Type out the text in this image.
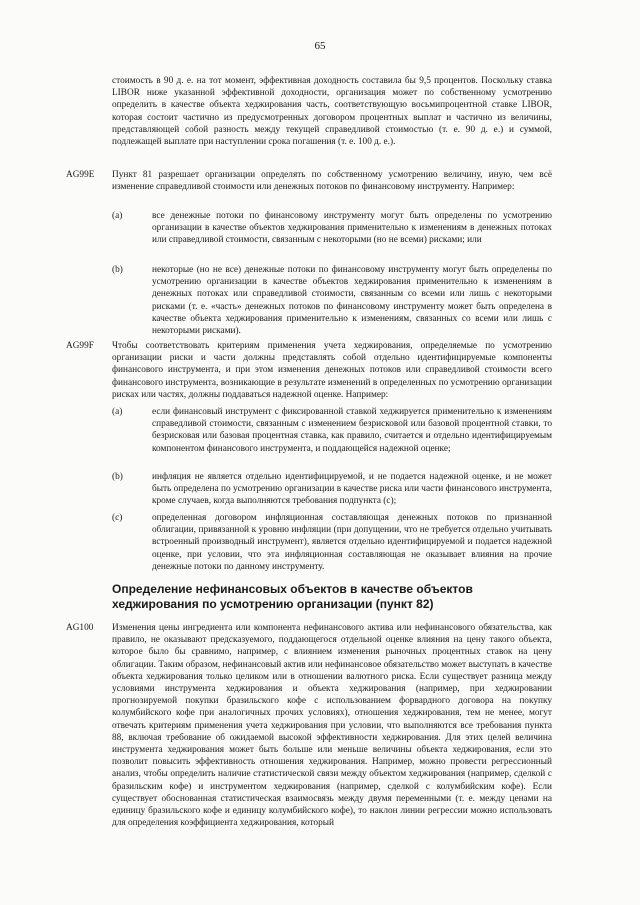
65
стоимость в 90 д. е. на тот момент, эффективная доходность составила бы 9,5 процентов. Поскольку ставка LIBOR ниже указанной эффективной доходности, организация может по собственному усмотрению определить в качестве объекта хеджирования часть, соответствующую восьмипроцентной ставке LIBOR, которая состоит частично из предусмотренных договором процентных выплат и частично из величины, представляющей собой разность между текущей справедливой стоимостью (т. е. 90 д. е.) и суммой, подлежащей выплате при наступлении срока погашения (т. е. 100 д. е.).
AG99E Пункт 81 разрешает организации определять по собственному усмотрению величину, иную, чем всё изменение справедливой стоимости или денежных потоков по финансовому инструменту. Например:
(a)	все денежные потоки по финансовому инструменту могут быть определены по усмотрению организации в качестве объектов хеджирования применительно к изменениям в денежных потоках или справедливой стоимости, связанным с некоторыми (но не всеми) рисками; или
(b)	некоторые (но не все) денежные потоки по финансовому инструменту могут быть определены по усмотрению организации в качестве объектов хеджирования применительно к изменениям в денежных потоках или справедливой стоимости, связанным со всеми или лишь с некоторыми рисками (т. е. «часть» денежных потоков по финансовому инструменту может быть определена в качестве объекта хеджирования применительно к изменениям, связанных со всеми или лишь с некоторыми рисками).
AG99F Чтобы соответствовать критериям применения учета хеджирования, определяемые по усмотрению организации риски и части должны представлять собой отдельно идентифицируемые компоненты финансового инструмента, и при этом изменения денежных потоков или справедливой стоимости всего финансового инструмента, возникающие в результате изменений в определенных по усмотрению организации рисках или частях, должны поддаваться надежной оценке. Например:
(a)	если финансовый инструмент с фиксированной ставкой хеджируется применительно к изменениям справедливой стоимости, связанным с изменением безрисковой или базовой процентной ставки, то безрисковая или базовая процентная ставка, как правило, считается и отдельно идентифицируемым компонентом финансового инструмента, и поддающейся надежной оценке;
(b)	инфляция не является отдельно идентифицируемой, и не подается надежной оценке, и не может быть определена по усмотрению организации в качестве риска или части финансового инструмента, кроме случаев, когда выполняются требования подпункта (c);
(c)	определенная договором инфляционная составляющая денежных потоков по признанной облигации, привязанной к уровню инфляции (при допущении, что не требуется отдельно учитывать встроенный производный инструмент), является отдельно идентифицируемой и подается надежной оценке, при условии, что эта инфляционная составляющая не оказывает влияния на прочие денежные потоки по данному инструменту.
Определение нефинансовых объектов в качестве объектов хеджирования по усмотрению организации (пункт 82)
AG100 Изменения цены ингредиента или компонента нефинансового актива или нефинансового обязательства, как правило, не оказывают предсказуемого, поддающегося отдельной оценке влияния на цену такого объекта, которое было бы сравнимо, например, с влиянием изменения рыночных процентных ставок на цену облигации. Таким образом, нефинансовый актив или нефинансовое обязательство может выступать в качестве объекта хеджирования только целиком или в отношении валютного риска. Если существует разница между условиями инструмента хеджирования и объекта хеджирования (например, при хеджировании прогнозируемой покупки бразильского кофе с использованием форвардного договора на покупку колумбийского кофе при аналогичных прочих условиях), отношения хеджирования, тем не менее, могут отвечать критериям применения учета хеджирования при условии, что выполняются все требования пункта 88, включая требование об ожидаемой высокой эффективности хеджирования. Для этих целей величина инструмента хеджирования может быть больше или меньше величины объекта хеджирования, если это позволит повысить эффективность отношения хеджирования. Например, можно провести регрессионный анализ, чтобы определить наличие статистической связи между объектом хеджирования (например, сделкой с бразильским кофе) и инструментом хеджирования (например, сделкой с колумбийским кофе). Если существует обоснованная статистическая взаимосвязь между двумя переменными (т. е. между ценами на единицу бразильского кофе и единицу колумбийского кофе), то наклон линии регрессии можно использовать для определения коэффициента хеджирования, который
